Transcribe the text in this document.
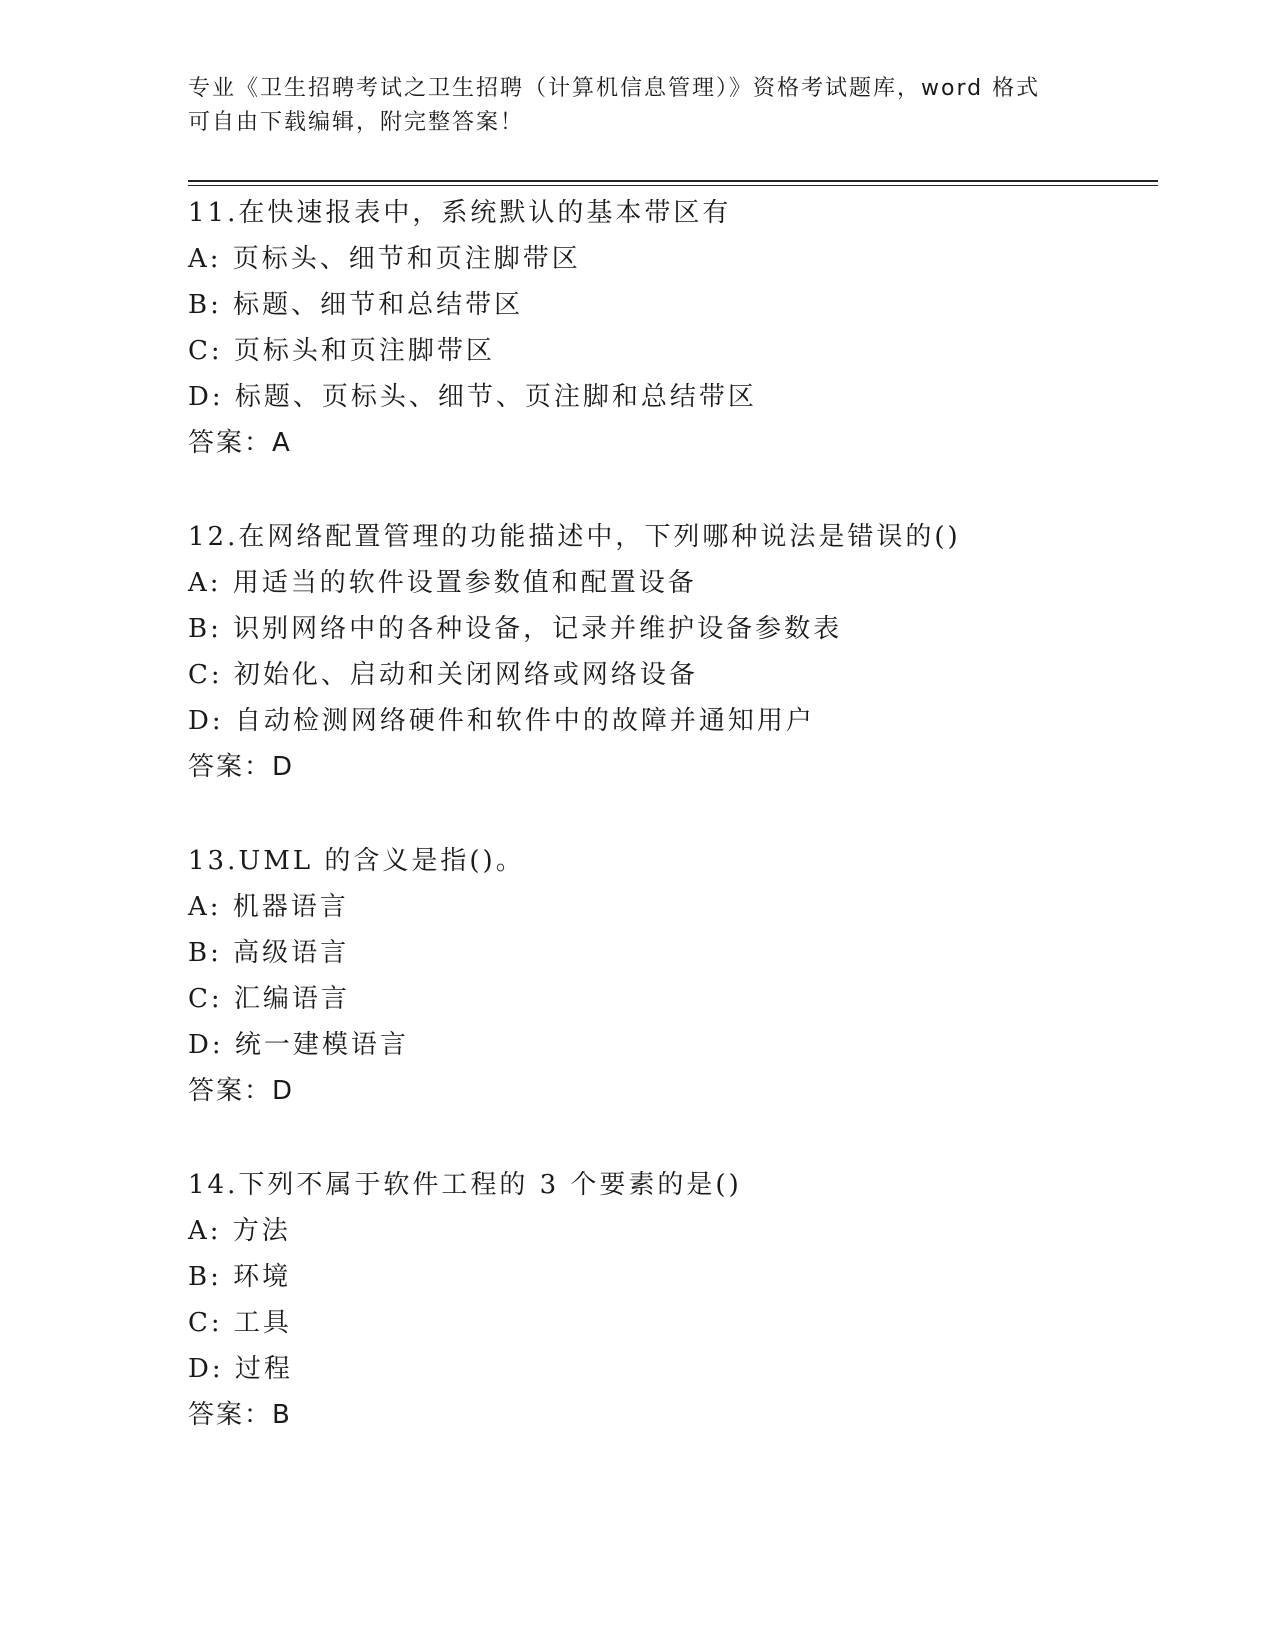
专业《卫生招聘考试之卫生招聘（计算机信息管理）》资格考试题库，word 格式
可自由下载编辑，附完整答案！
11.在快速报表中，系统默认的基本带区有
A: 页标头、细节和页注脚带区
B: 标题、细节和总结带区
C: 页标头和页注脚带区
D: 标题、页标头、细节、页注脚和总结带区
答案：A
12.在网络配置管理的功能描述中，下列哪种说法是错误的()
A: 用适当的软件设置参数值和配置设备
B: 识别网络中的各种设备，记录并维护设备参数表
C: 初始化、启动和关闭网络或网络设备
D: 自动检测网络硬件和软件中的故障并通知用户
答案：D
13.UML 的含义是指()。
A: 机器语言
B: 高级语言
C: 汇编语言
D: 统一建模语言
答案：D
14.下列不属于软件工程的 3 个要素的是()
A: 方法
B: 环境
C: 工具
D: 过程
答案：B
